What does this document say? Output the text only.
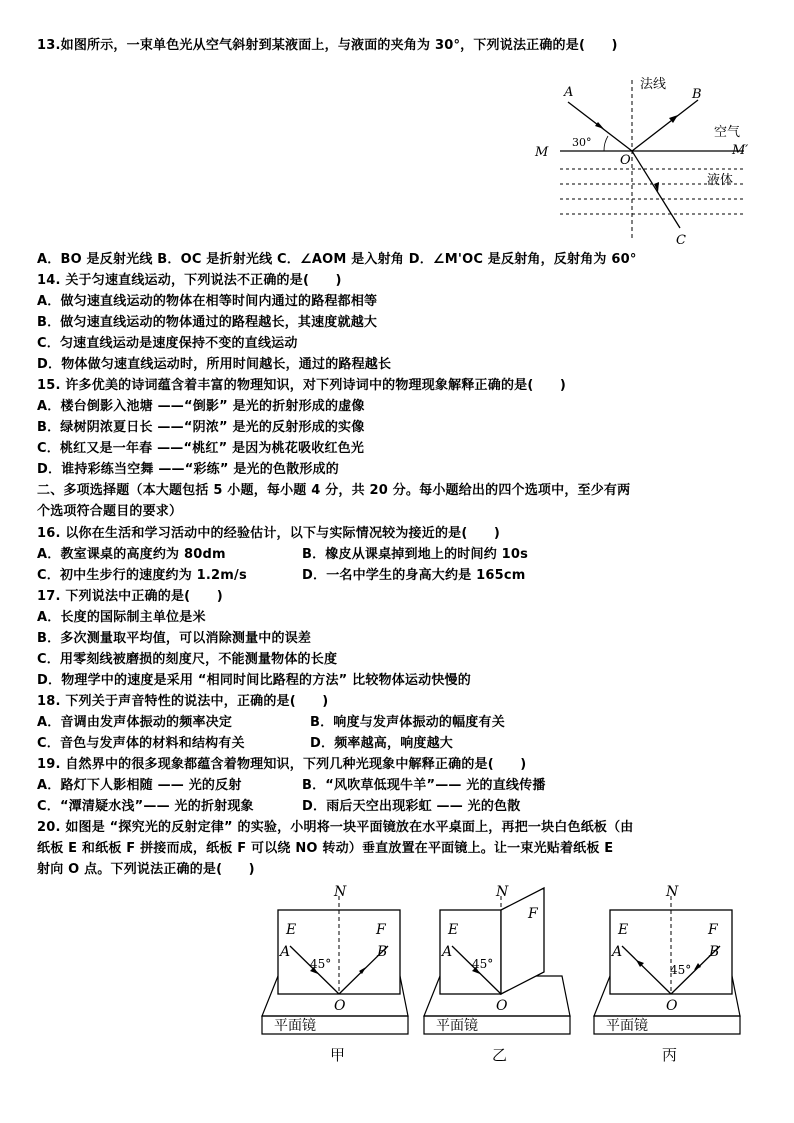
13.如图所示，一束单色光从空气斜射到某液面上，与液面的夹角为 30°，下列说法正确的是(　　)
法线
A	B
C
M	M′
O
30°
空气
液体
A．BO 是反射光线 B．OC 是折射光线 C．∠AOM 是入射角 D．∠M'OC 是反射角，反射角为 60°
14. 关于匀速直线运动，下列说法不正确的是(　　)
A．做匀速直线运动的物体在相等时间内通过的路程都相等
B．做匀速直线运动的物体通过的路程越长，其速度就越大
C．匀速直线运动是速度保持不变的直线运动
D．物体做匀速直线运动时，所用时间越长，通过的路程越长
15. 许多优美的诗词蕴含着丰富的物理知识，对下列诗词中的物理现象解释正确的是(　　)
A．楼台倒影入池塘 ——“倒影” 是光的折射形成的虚像
B．绿树阴浓夏日长 ——“阴浓” 是光的反射形成的实像
C．桃红又是一年春 ——“桃红” 是因为桃花吸收红色光
D．谁持彩练当空舞 ——“彩练” 是光的色散形成的
二、多项选择题（本大题包括 5 小题，每小题 4 分，共 20 分。每小题给出的四个选项中，至少有两
个选项符合题目的要求）
16. 以你在生活和学习活动中的经验估计，以下与实际情况较为接近的是(　　)
A．教室课桌的高度约为 80dm	B．橡皮从课桌掉到地上的时间约 10s
C．初中生步行的速度约为 1.2m/s	D．一名中学生的身高大约是 165cm
17. 下列说法中正确的是(　　)
A．长度的国际制主单位是米
B．多次测量取平均值，可以消除测量中的误差
C．用零刻线被磨损的刻度尺，不能测量物体的长度
D．物理学中的速度是采用 “相同时间比路程的方法” 比较物体运动快慢的
18. 下列关于声音特性的说法中，正确的是(　　)
A．音调由发声体振动的频率决定	B．响度与发声体振动的幅度有关
C．音色与发声体的材料和结构有关	D．频率越高，响度越大
19. 自然界中的很多现象都蕴含着物理知识，下列几种光现象中解释正确的是(　　)
A．路灯下人影相随 —— 光的反射	B．“风吹草低现牛羊”—— 光的直线传播
C．“潭清疑水浅”—— 光的折射现象	D．雨后天空出现彩虹 —— 光的色散
20. 如图是 “探究光的反射定律” 的实验，小明将一块平面镜放在水平桌面上，再把一块白色纸板（由
纸板 E 和纸板 F 拼接而成，纸板 F 可以绕 NO 转动）垂直放置在平面镜上。让一束光贴着纸板 E
射向 O 点。下列说法正确的是(　　)
N
E	F
A	B
45°
O
平面镜
甲
N
E
F
A
45°
O
平面镜
乙
N
E	F
A	B
45°
O
平面镜
丙
